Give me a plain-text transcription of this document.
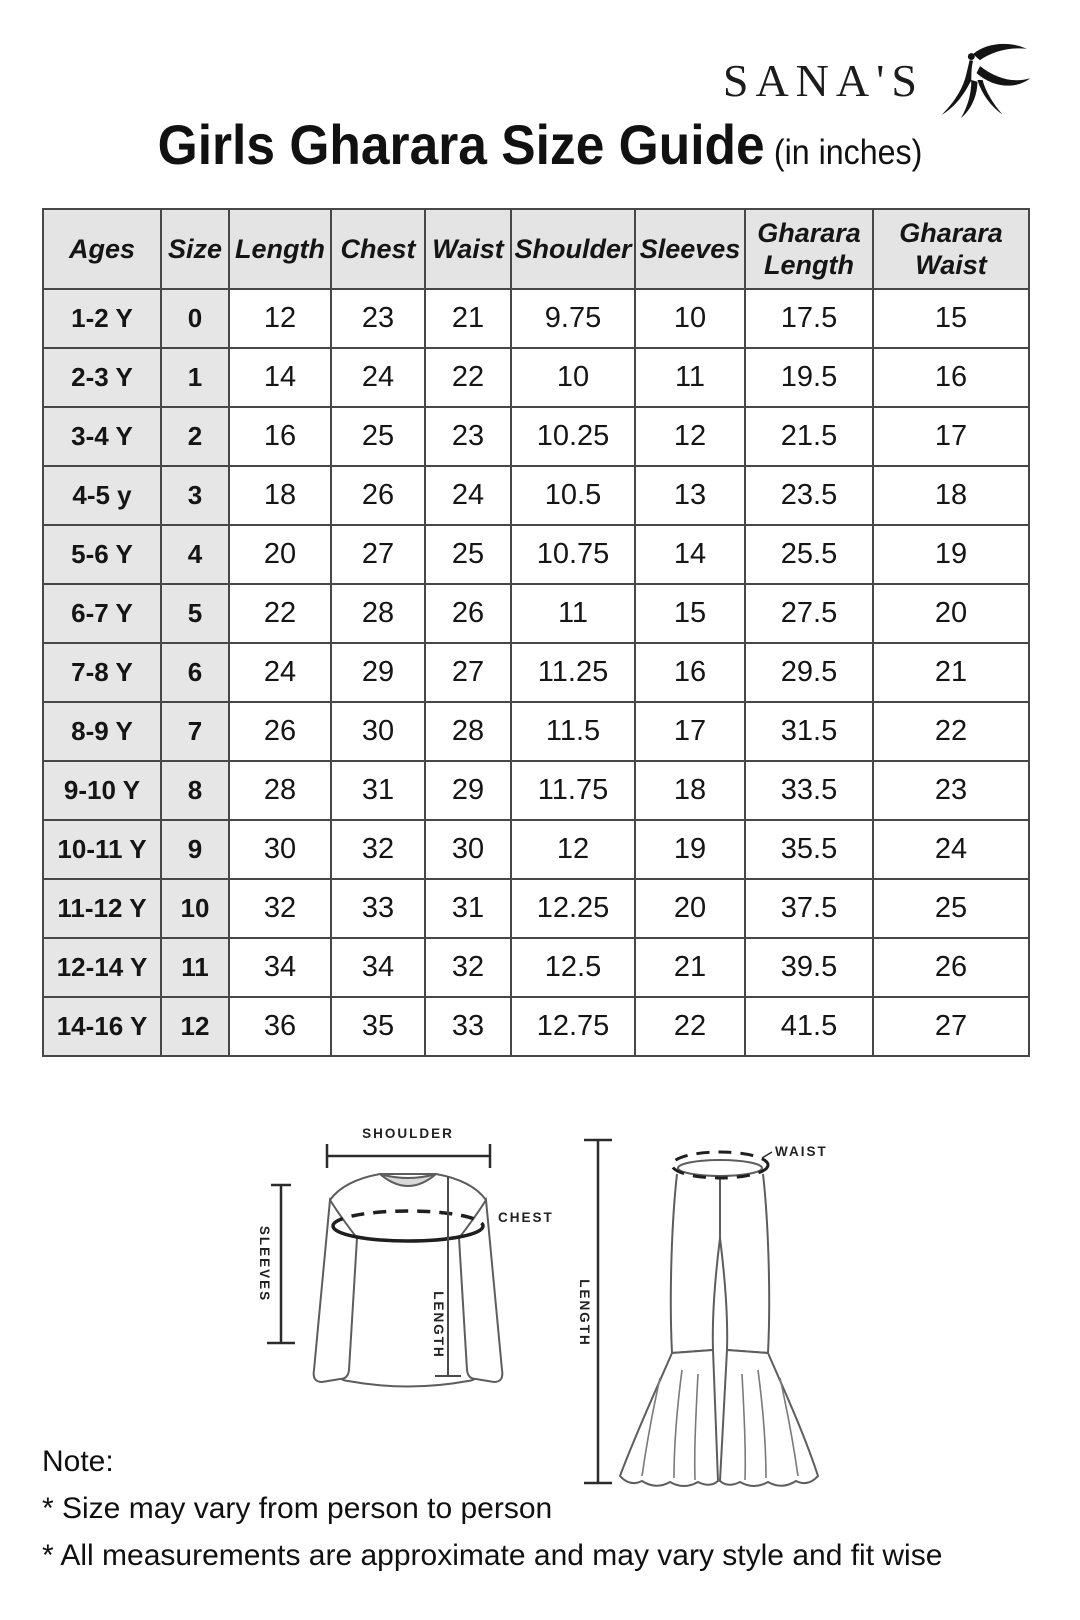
SANA'S
Girls Gharara Size Guide (in inches)
Ages	Size	Length	Chest	Waist	Shoulder	Sleeves	Gharara Length	Gharara Waist
1-2 Y	0	12	23	21	9.75	10	17.5	15
2-3 Y	1	14	24	22	10	11	19.5	16
3-4 Y	2	16	25	23	10.25	12	21.5	17
4-5 y	3	18	26	24	10.5	13	23.5	18
5-6 Y	4	20	27	25	10.75	14	25.5	19
6-7 Y	5	22	28	26	11	15	27.5	20
7-8 Y	6	24	29	27	11.25	16	29.5	21
8-9 Y	7	26	30	28	11.5	17	31.5	22
9-10 Y	8	28	31	29	11.75	18	33.5	23
10-11 Y	9	30	32	30	12	19	35.5	24
11-12 Y	10	32	33	31	12.25	20	37.5	25
12-14 Y	11	34	34	32	12.5	21	39.5	26
14-16 Y	12	36	35	33	12.75	22	41.5	27
SHOULDER
SLEEVES
LENGTH
CHEST
WAIST
LENGTH
Note:
* Size may vary from person to person
* All measurements are approximate and may vary style and fit wise
